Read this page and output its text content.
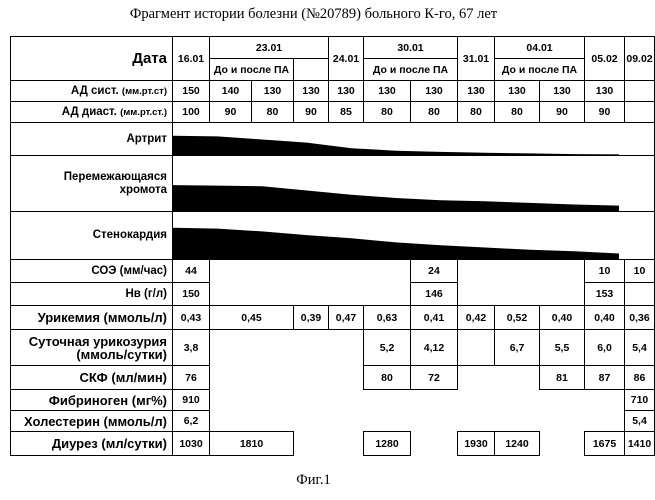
Фрагмент истории болезни (№20789) больного К-го, 67 лет
Дата	16.01	23.01			24.01	30.01		31.01	04.01		05.02	09.02
		До и после ПА				До и после ПА			До и после ПА			
АД сист. (мм.рт.ст)	150	140	130	130	130	130	130	130	130	130	130	
АД диаст. (мм.рт.ст.)	100	90	80	90	85	80	80	80	80	90	90	
Артрит	

Перемежающаяся
хромота	

Стенокардия	

СОЭ (мм/час)	44						24				10	10
Нв (г/л)	150						146				153	
Урикемия (ммоль/л)	0,43	0,45		0,39	0,47	0,63	0,41	0,42	0,52	0,40	0,40	0,36
Суточная урикозурия
(ммоль/сутки)	3,8					5,2	4,12		6,7	5,5	6,0	5,4
СКФ (мл/мин)	76					80	72			81	87	86
Фибриноген (мг%)	910											710
Холестерин (ммоль/л)	6,2											5,4
Диурез (мл/сутки)	1030	1810				1280		1930	1240		1675	1410
Фиг.1
